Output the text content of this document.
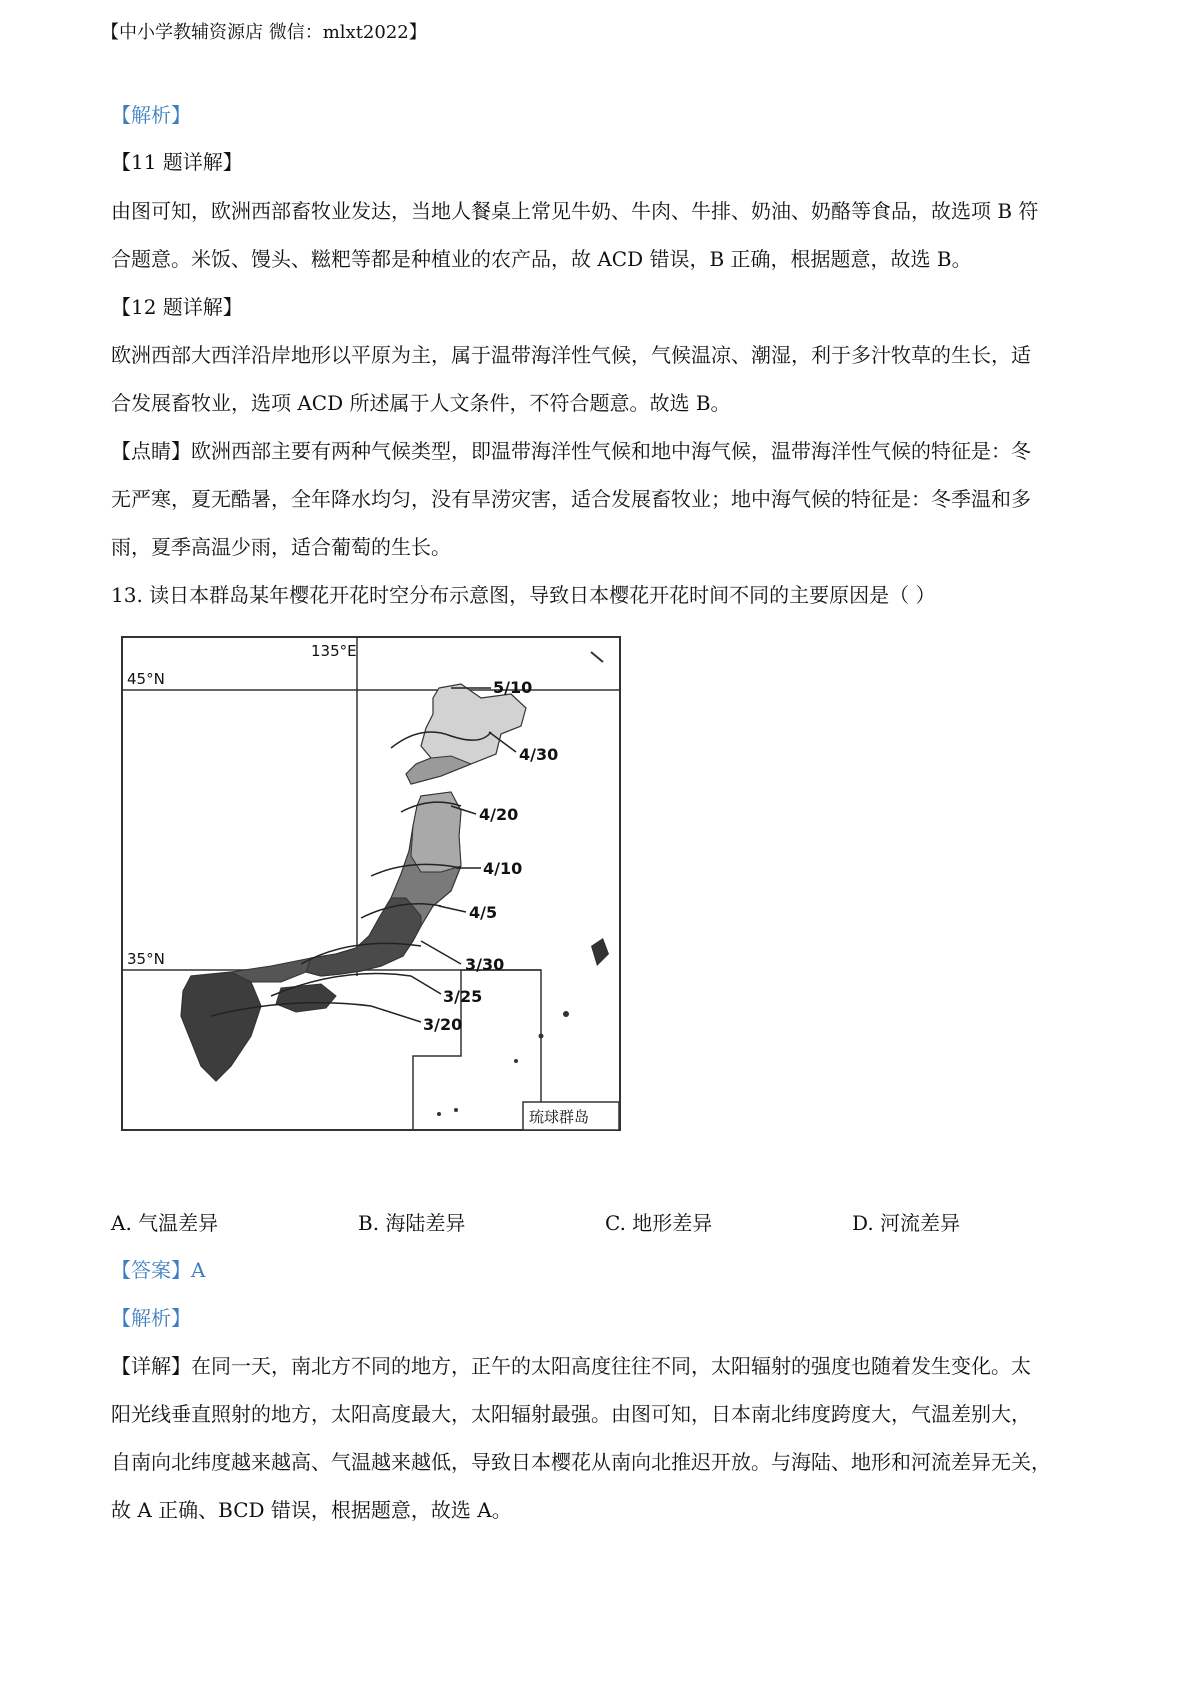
【中小学教辅资源店 微信：mlxt2022】
【解析】
【11 题详解】
由图可知，欧洲西部畜牧业发达，当地人餐桌上常见牛奶、牛肉、牛排、奶油、奶酪等食品，故选项 B 符
合题意。米饭、馒头、糍粑等都是种植业的农产品，故 ACD 错误，B 正确，根据题意，故选 B。
【12 题详解】
欧洲西部大西洋沿岸地形以平原为主，属于温带海洋性气候，气候温凉、潮湿，利于多汁牧草的生长，适
合发展畜牧业，选项 ACD 所述属于人文条件，不符合题意。故选 B。
【点睛】欧洲西部主要有两种气候类型，即温带海洋性气候和地中海气候，温带海洋性气候的特征是：冬
无严寒，夏无酷暑，全年降水均匀，没有旱涝灾害，适合发展畜牧业；地中海气候的特征是：冬季温和多
雨，夏季高温少雨，适合葡萄的生长。
13. 读日本群岛某年樱花开花时空分布示意图，导致日本樱花开花时间不同的主要原因是（ ）
135°E
45°N
35°N
5/10
4/30
4/20
4/10
4/5
3/30
3/25
3/20
琉球群岛
A. 气温差异	B. 海陆差异	C. 地形差异	D. 河流差异
【答案】A
【解析】
【详解】在同一天，南北方不同的地方，正午的太阳高度往往不同，太阳辐射的强度也随着发生变化。太
阳光线垂直照射的地方，太阳高度最大，太阳辐射最强。由图可知，日本南北纬度跨度大，气温差别大，
自南向北纬度越来越高、气温越来越低，导致日本樱花从南向北推迟开放。与海陆、地形和河流差异无关，
故 A 正确、BCD 错误，根据题意，故选 A。
